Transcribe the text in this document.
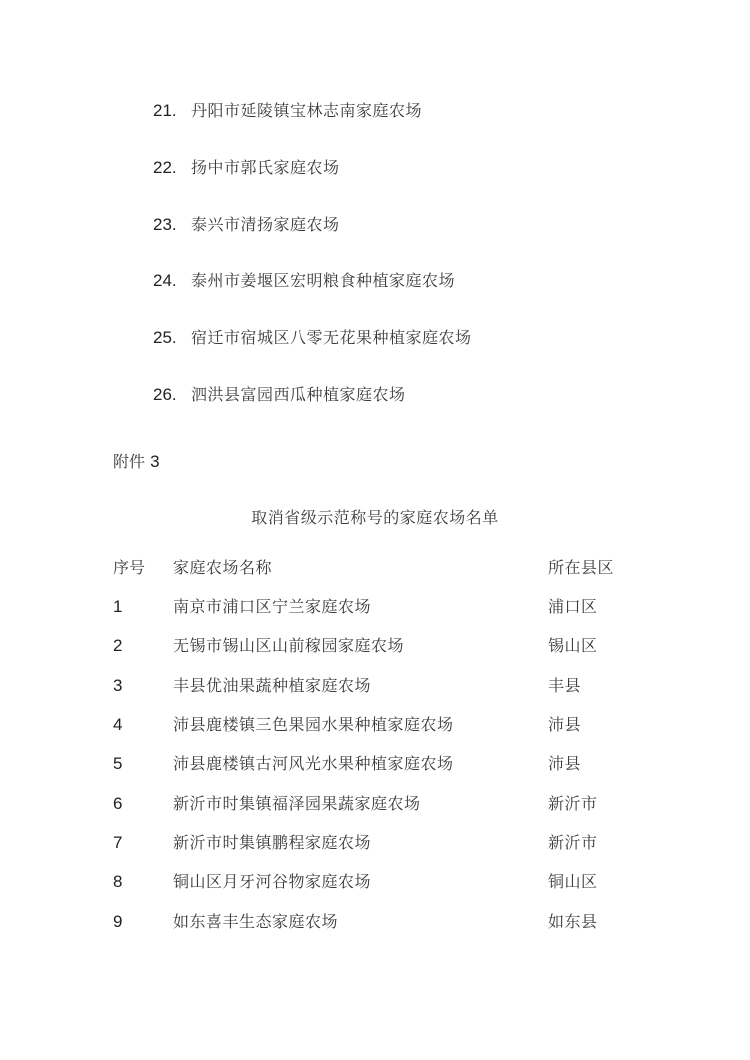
21. 丹阳市延陵镇宝林志南家庭农场
22. 扬中市郭氏家庭农场
23. 泰兴市清扬家庭农场
24. 泰州市姜堰区宏明粮食种植家庭农场
25. 宿迁市宿城区八零无花果种植家庭农场
26. 泗洪县富园西瓜种植家庭农场
附件 3
取消省级示范称号的家庭农场名单
序号 家庭农场名称	所在县区
1	南京市浦口区宁兰家庭农场	浦口区
2	无锡市锡山区山前稼园家庭农场	锡山区
3	丰县优油果蔬种植家庭农场	丰县
4	沛县鹿楼镇三色果园水果种植家庭农场	沛县
5	沛县鹿楼镇古河风光水果种植家庭农场	沛县
6	新沂市时集镇福泽园果蔬家庭农场	新沂市
7	新沂市时集镇鹏程家庭农场	新沂市
8	铜山区月牙河谷物家庭农场	铜山区
9	如东喜丰生态家庭农场	如东县
